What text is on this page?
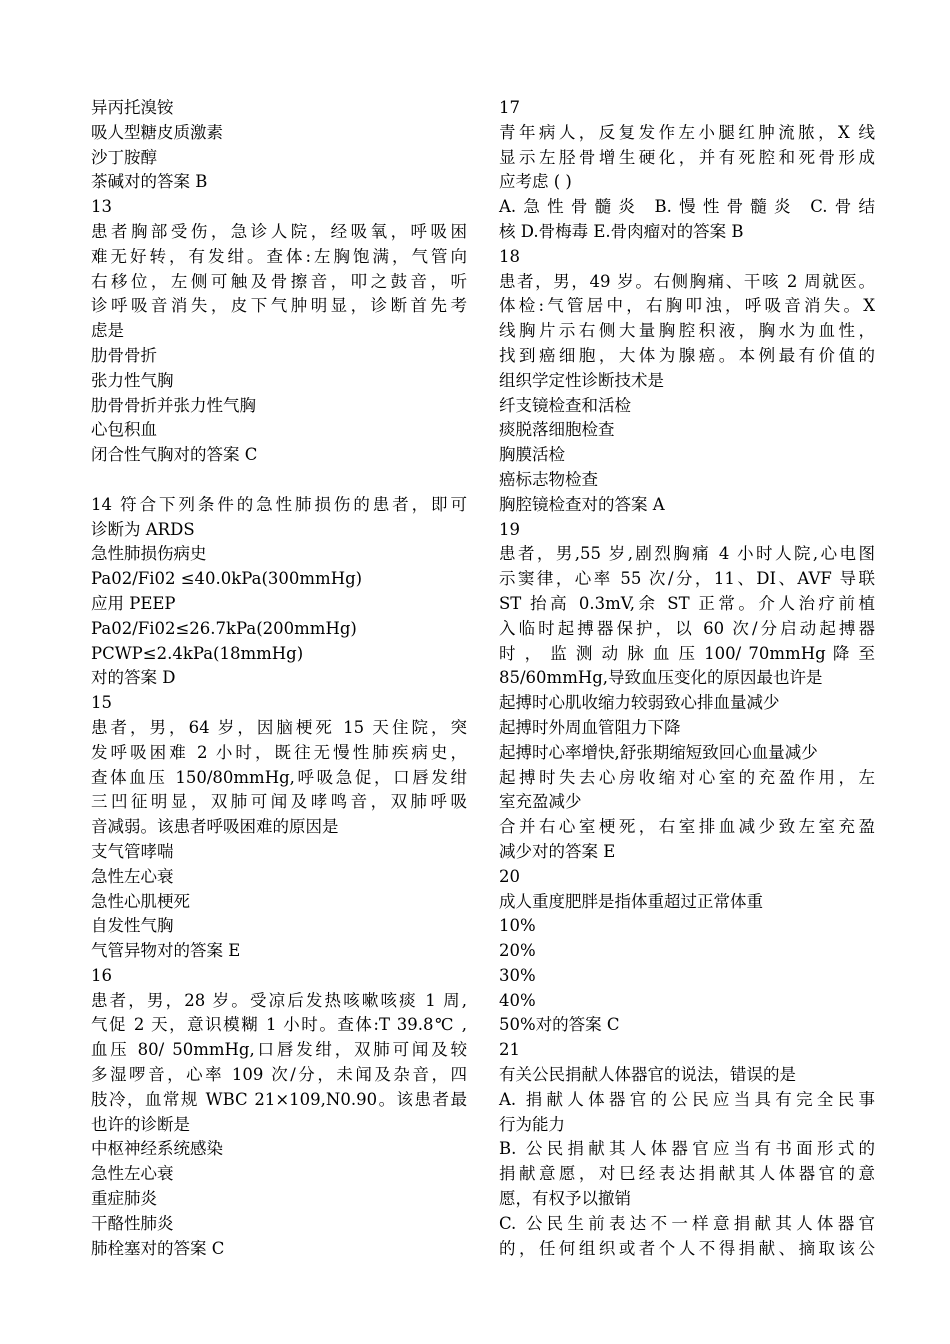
异丙托溴铵
吸人型糖皮质激素
沙丁胺醇
茶碱对的答案 B
13
患者胸部受伤，急诊人院，经吸氧，呼吸困
难无好转，有发绀。查体:左胸饱满，气管向
右移位，左侧可触及骨擦音，叩之鼓音，听
诊呼吸音消失，皮下气肿明显，诊断首先考
虑是
肋骨骨折
张力性气胸
肋骨骨折并张力性气胸
心包积血
闭合性气胸对的答案 C
14 符合下列条件的急性肺损伤的患者，即可
诊断为 ARDS
急性肺损伤病史
Pa02/Fi02 ≤40.0kPa(300mmHg)
应用 PEEP
Pa02/Fi02≤26.7kPa(200mmHg)
PCWP≤2.4kPa(18mmHg)
对的答案 D
15
患者，男，64 岁，因脑梗死 15 天住院，突
发呼吸困难 2 小时，既往无慢性肺疾病史，
查体血压 150/80mmHg,呼吸急促，口唇发绀
三凹征明显，双肺可闻及哮鸣音，双肺呼吸
音减弱。该患者呼吸困难的原因是
支气管哮喘
急性左心衰
急性心肌梗死
自发性气胸
气管异物对的答案 E
16
患者，男，28 岁。受凉后发热咳嗽咳痰 1 周,
气促 2 天，意识模糊 1 小时。查体:T 39.8℃ ,
血压 80/ 50mmHg,口唇发绀，双肺可闻及较
多湿啰音，心率 109 次/分，未闻及杂音，四
肢冷，血常规 WBC 21×109,N0.90。该患者最
也许的诊断是
中枢神经系统感染
急性左心衰
重症肺炎
干酪性肺炎
肺栓塞对的答案 C
17
青年病人，反复发作左小腿红肿流脓，X 线
显示左胫骨增生硬化，并有死腔和死骨形成
应考虑 ( )
A.急性骨髓炎 B.慢性骨髓炎 C.骨结
核 D.骨梅毒 E.骨肉瘤对的答案 B
18
患者，男，49 岁。右侧胸痛、干咳 2 周就医。
体检:气管居中，右胸叩浊，呼吸音消失。X
线胸片示右侧大量胸腔积液，胸水为血性，
找到癌细胞，大体为腺癌。本例最有价值的
组织学定性诊断技术是
纤支镜检查和活检
痰脱落细胞检查
胸膜活检
癌标志物检查
胸腔镜检查对的答案 A
19
患者，男,55 岁,剧烈胸痛 4 小时人院,心电图
示窦律，心率 55 次/分，11、DI、AVF 导联
ST 抬高 0.3mV,余 ST 正常。介人治疗前植
入临时起搏器保护，以 60 次/分启动起搏器
时 ， 监 测 动 脉 血 压 100/ 70mmHg 降 至
85/60mmHg,导致血压变化的原因最也许是
起搏时心肌收缩力较弱致心排血量减少
起搏时外周血管阻力下降
起搏时心率增快,舒张期缩短致回心血量减少
起搏时失去心房收缩对心室的充盈作用，左
室充盈减少
合并右心室梗死，右室排血减少致左室充盈
减少对的答案 E
20
成人重度肥胖是指体重超过正常体重
10%
20%
30%
40%
50%对的答案 C
21
有关公民捐献人体器官的说法，错误的是
A. 捐献人体器官的公民应当具有完全民事
行为能力
B. 公民捐献其人体器官应当有书面形式的
捐献意愿，对巳经表达捐献其人体器官的意
愿，有权予以撤销
C. 公民生前表达不一样意捐献其人体器官
的，任何组织或者个人不得捐献、摘取该公
